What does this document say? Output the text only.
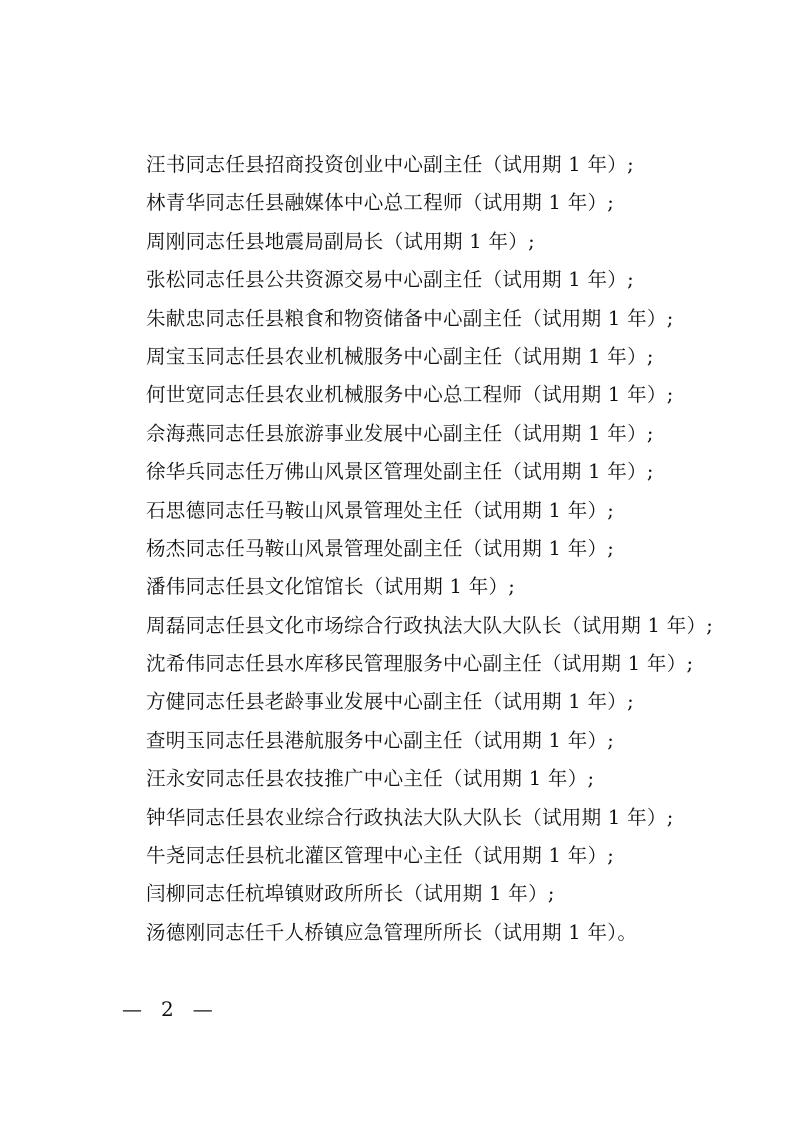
汪书同志任县招商投资创业中心副主任（试用期 1 年）;
林青华同志任县融媒体中心总工程师（试用期 1 年）;
周刚同志任县地震局副局长（试用期 1 年）;
张松同志任县公共资源交易中心副主任（试用期 1 年）;
朱献忠同志任县粮食和物资储备中心副主任（试用期 1 年）;
周宝玉同志任县农业机械服务中心副主任（试用期 1 年）;
何世宽同志任县农业机械服务中心总工程师（试用期 1 年）;
佘海燕同志任县旅游事业发展中心副主任（试用期 1 年）;
徐华兵同志任万佛山风景区管理处副主任（试用期 1 年）;
石思德同志任马鞍山风景管理处主任（试用期 1 年）;
杨杰同志任马鞍山风景管理处副主任（试用期 1 年）;
潘伟同志任县文化馆馆长（试用期 1 年）;
周磊同志任县文化市场综合行政执法大队大队长（试用期 1 年）;
沈希伟同志任县水库移民管理服务中心副主任（试用期 1 年）;
方健同志任县老龄事业发展中心副主任（试用期 1 年）;
查明玉同志任县港航服务中心副主任（试用期 1 年）;
汪永安同志任县农技推广中心主任（试用期 1 年）;
钟华同志任县农业综合行政执法大队大队长（试用期 1 年）;
牛尧同志任县杭北灌区管理中心主任（试用期 1 年）;
闫柳同志任杭埠镇财政所所长（试用期 1 年）;
汤德刚同志任千人桥镇应急管理所所长（试用期 1 年）。
— 2 —
